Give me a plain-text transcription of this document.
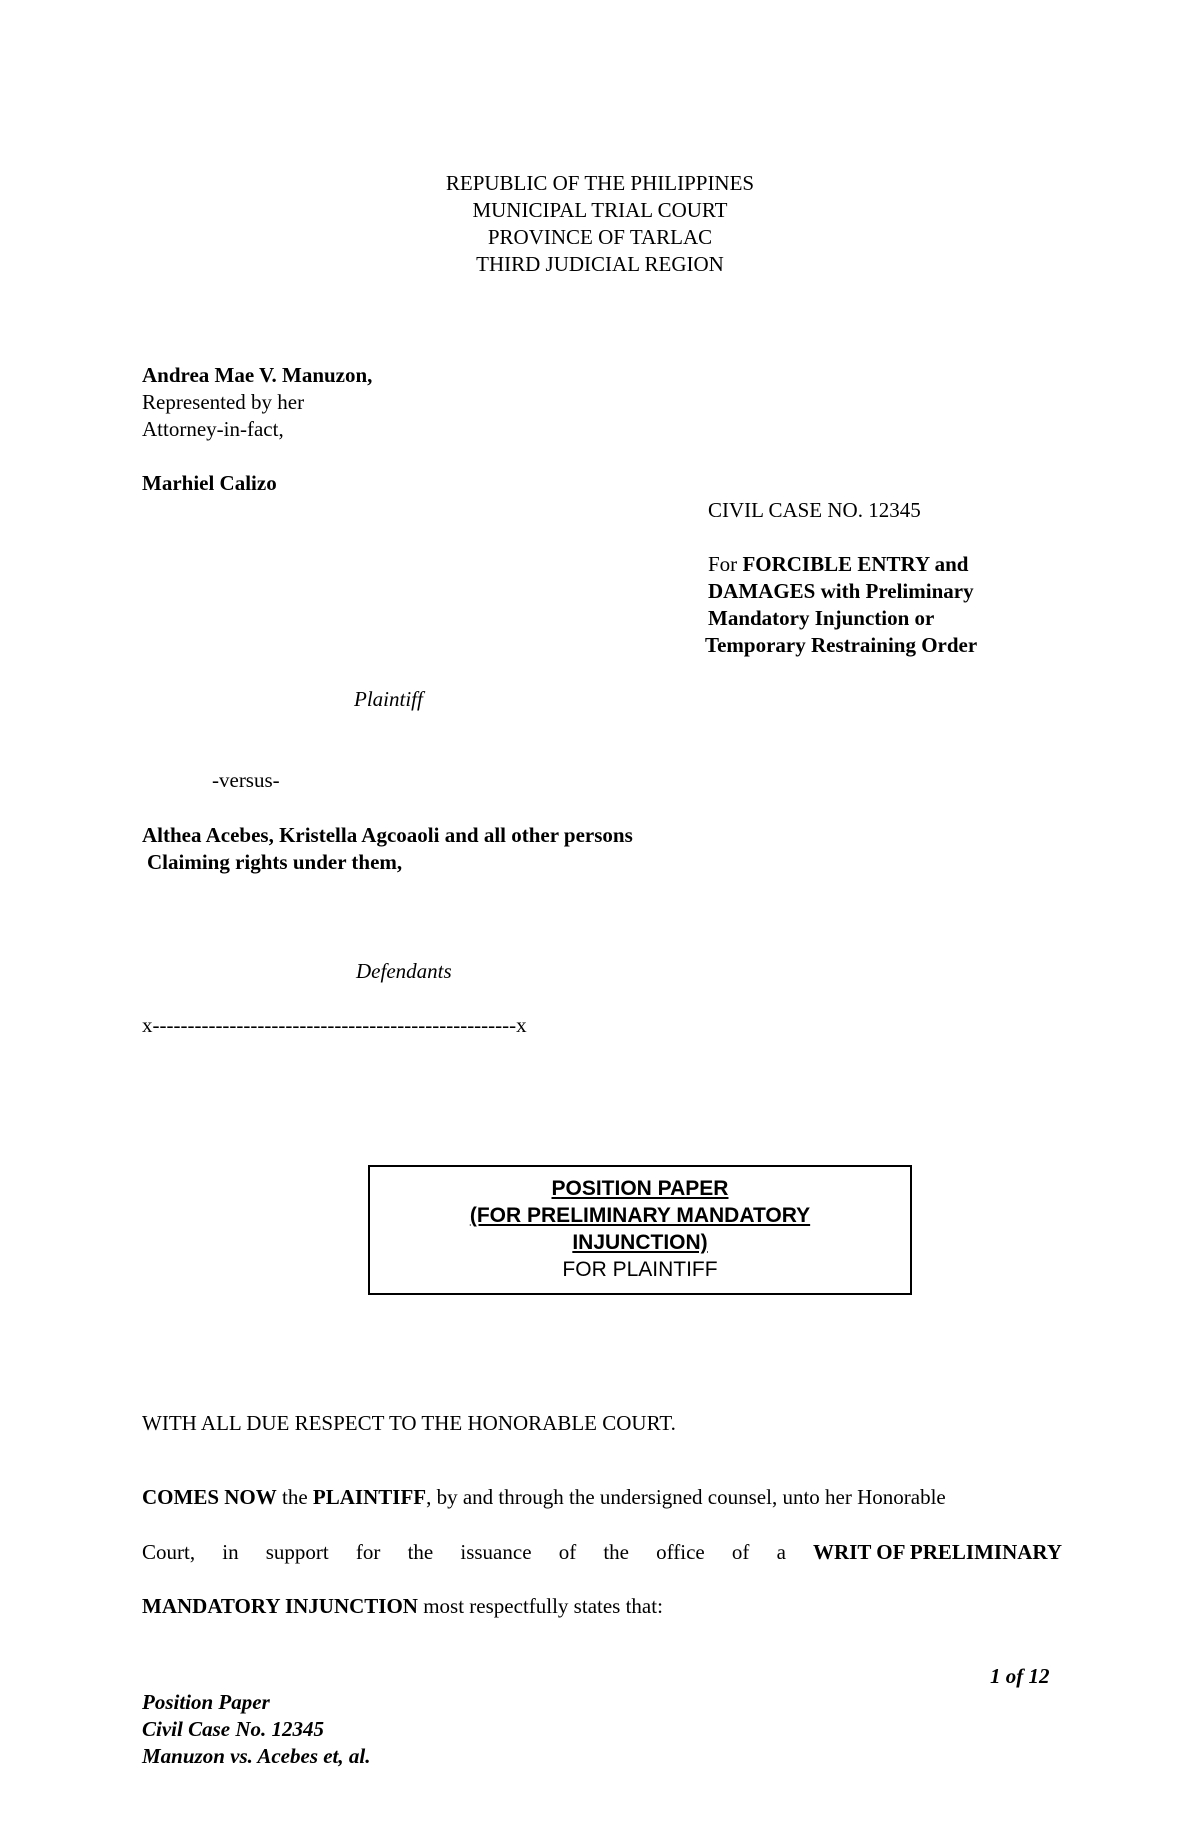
REPUBLIC OF THE PHILIPPINES
MUNICIPAL TRIAL COURT
PROVINCE OF TARLAC
THIRD JUDICIAL REGION
Andrea Mae V. Manuzon,
Represented by her
Attorney-in-fact,
Marhiel Calizo
CIVIL CASE NO. 12345
For FORCIBLE ENTRY and
DAMAGES with Preliminary
Mandatory Injunction or
Temporary Restraining Order
Plaintiff
-versus-
Althea Acebes, Kristella Agcoaoli and all other persons
Claiming rights under them,
Defendants
x----------------------------------------------------x
POSITION PAPER
(FOR PRELIMINARY MANDATORY
INJUNCTION)
FOR PLAINTIFF
WITH ALL DUE RESPECT TO THE HONORABLE COURT.
COMES NOW the PLAINTIFF, by and through the undersigned counsel, unto her Honorable
Court, in support for the issuance of the office of a WRIT OF PRELIMINARY
MANDATORY INJUNCTION most respectfully states that:
1 of 12
Position Paper
Civil Case No. 12345
Manuzon vs. Acebes et, al.
